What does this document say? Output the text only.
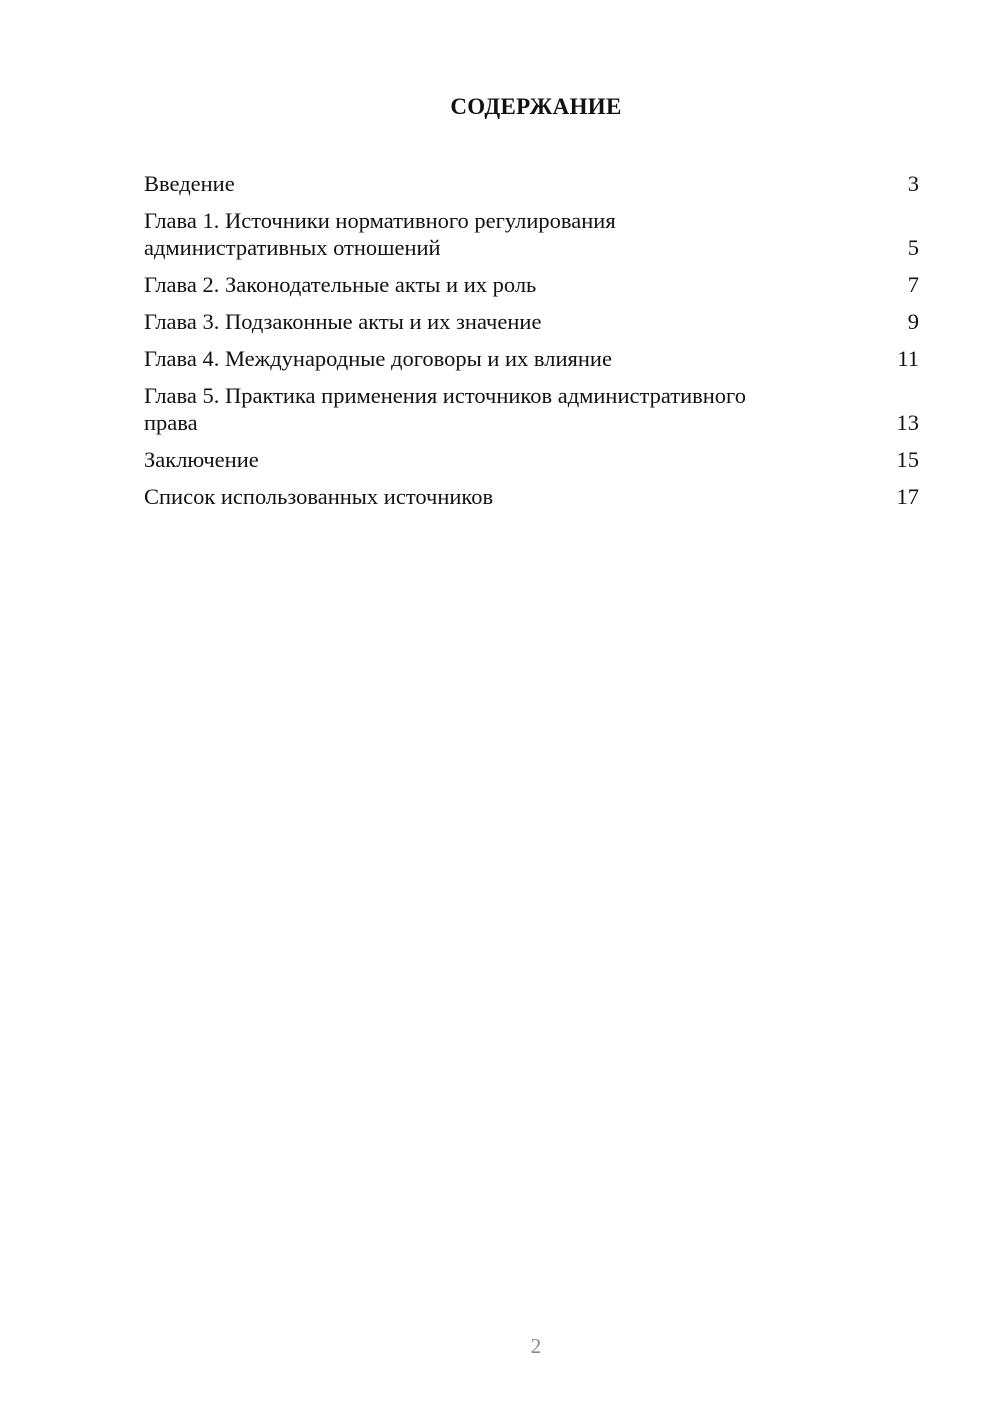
СОДЕРЖАНИЕ
Введение	3
Глава 1. Источники нормативного регулирования
административных отношений	5
Глава 2. Законодательные акты и их роль	7
Глава 3. Подзаконные акты и их значение	9
Глава 4. Международные договоры и их влияние	11
Глава 5. Практика применения источников административного
права	13
Заключение	15
Список использованных источников	17
2
